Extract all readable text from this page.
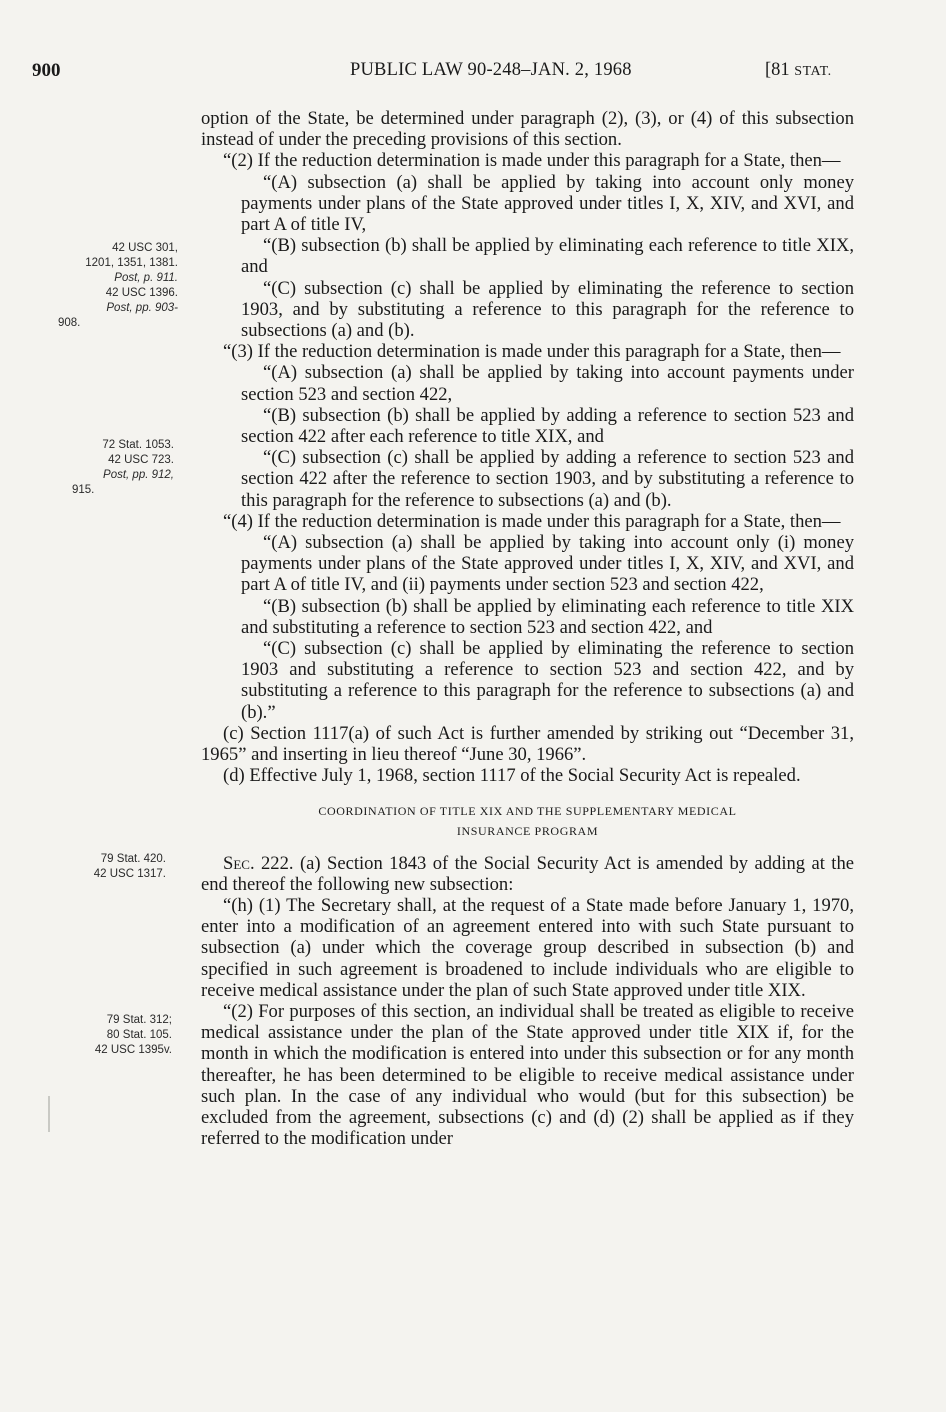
900	PUBLIC LAW 90-248–JAN. 2, 1968	[81 STAT.
42 USC 301,
1201, 1351, 1381.
Post, p. 911.
42 USC 1396.
Post, pp. 903-
908.
72 Stat. 1053.
42 USC 723.
Post, pp. 912,
915.
79 Stat. 420.
42 USC 1317.
79 Stat. 312;
80 Stat. 105.
42 USC 1395v.

option of the State, be determined under paragraph (2), (3), or (4) of this subsection instead of under the preceding provisions of this section.

“(2) If the reduction determination is made under this paragraph for a State, then—

“(A) subsection (a) shall be applied by taking into account only money payments under plans of the State approved under titles I, X, XIV, and XVI, and part A of title IV,

“(B) subsection (b) shall be applied by eliminating each reference to title XIX, and

“(C) subsection (c) shall be applied by eliminating the reference to section 1903, and by substituting a reference to this paragraph for the reference to subsections (a) and (b).

“(3) If the reduction determination is made under this paragraph for a State, then—

“(A) subsection (a) shall be applied by taking into account payments under section 523 and section 422,

“(B) subsection (b) shall be applied by adding a reference to section 523 and section 422 after each reference to title XIX, and

“(C) subsection (c) shall be applied by adding a reference to section 523 and section 422 after the reference to section 1903, and by substituting a reference to this paragraph for the reference to subsections (a) and (b).

“(4) If the reduction determination is made under this paragraph for a State, then—

“(A) subsection (a) shall be applied by taking into account only (i) money payments under plans of the State approved under titles I, X, XIV, and XVI, and part A of title IV, and (ii) payments under section 523 and section 422,

“(B) subsection (b) shall be applied by eliminating each reference to title XIX and substituting a reference to section 523 and section 422, and

“(C) subsection (c) shall be applied by eliminating the reference to section 1903 and substituting a reference to section 523 and section 422, and by substituting a reference to this paragraph for the reference to subsections (a) and (b).”

(c) Section 1117(a) of such Act is further amended by striking out “December 31, 1965” and inserting in lieu thereof “June 30, 1966”.

(d) Effective July 1, 1968, section 1117 of the Social Security Act is repealed.

COORDINATION OF TITLE XIX AND THE SUPPLEMENTARY MEDICAL
INSURANCE PROGRAM

Sec. 222. (a) Section 1843 of the Social Security Act is amended by adding at the end thereof the following new subsection:

“(h) (1) The Secretary shall, at the request of a State made before January 1, 1970, enter into a modification of an agreement entered into with such State pursuant to subsection (a) under which the coverage group described in subsection (b) and specified in such agreement is broadened to include individuals who are eligible to receive medical assistance under the plan of such State approved under title XIX.

“(2) For purposes of this section, an individual shall be treated as eligible to receive medical assistance under the plan of the State approved under title XIX if, for the month in which the modification is entered into under this subsection or for any month thereafter, he has been determined to be eligible to receive medical assistance under such plan. In the case of any individual who would (but for this subsection) be excluded from the agreement, subsections (c) and (d) (2) shall be applied as if they referred to the modification under
